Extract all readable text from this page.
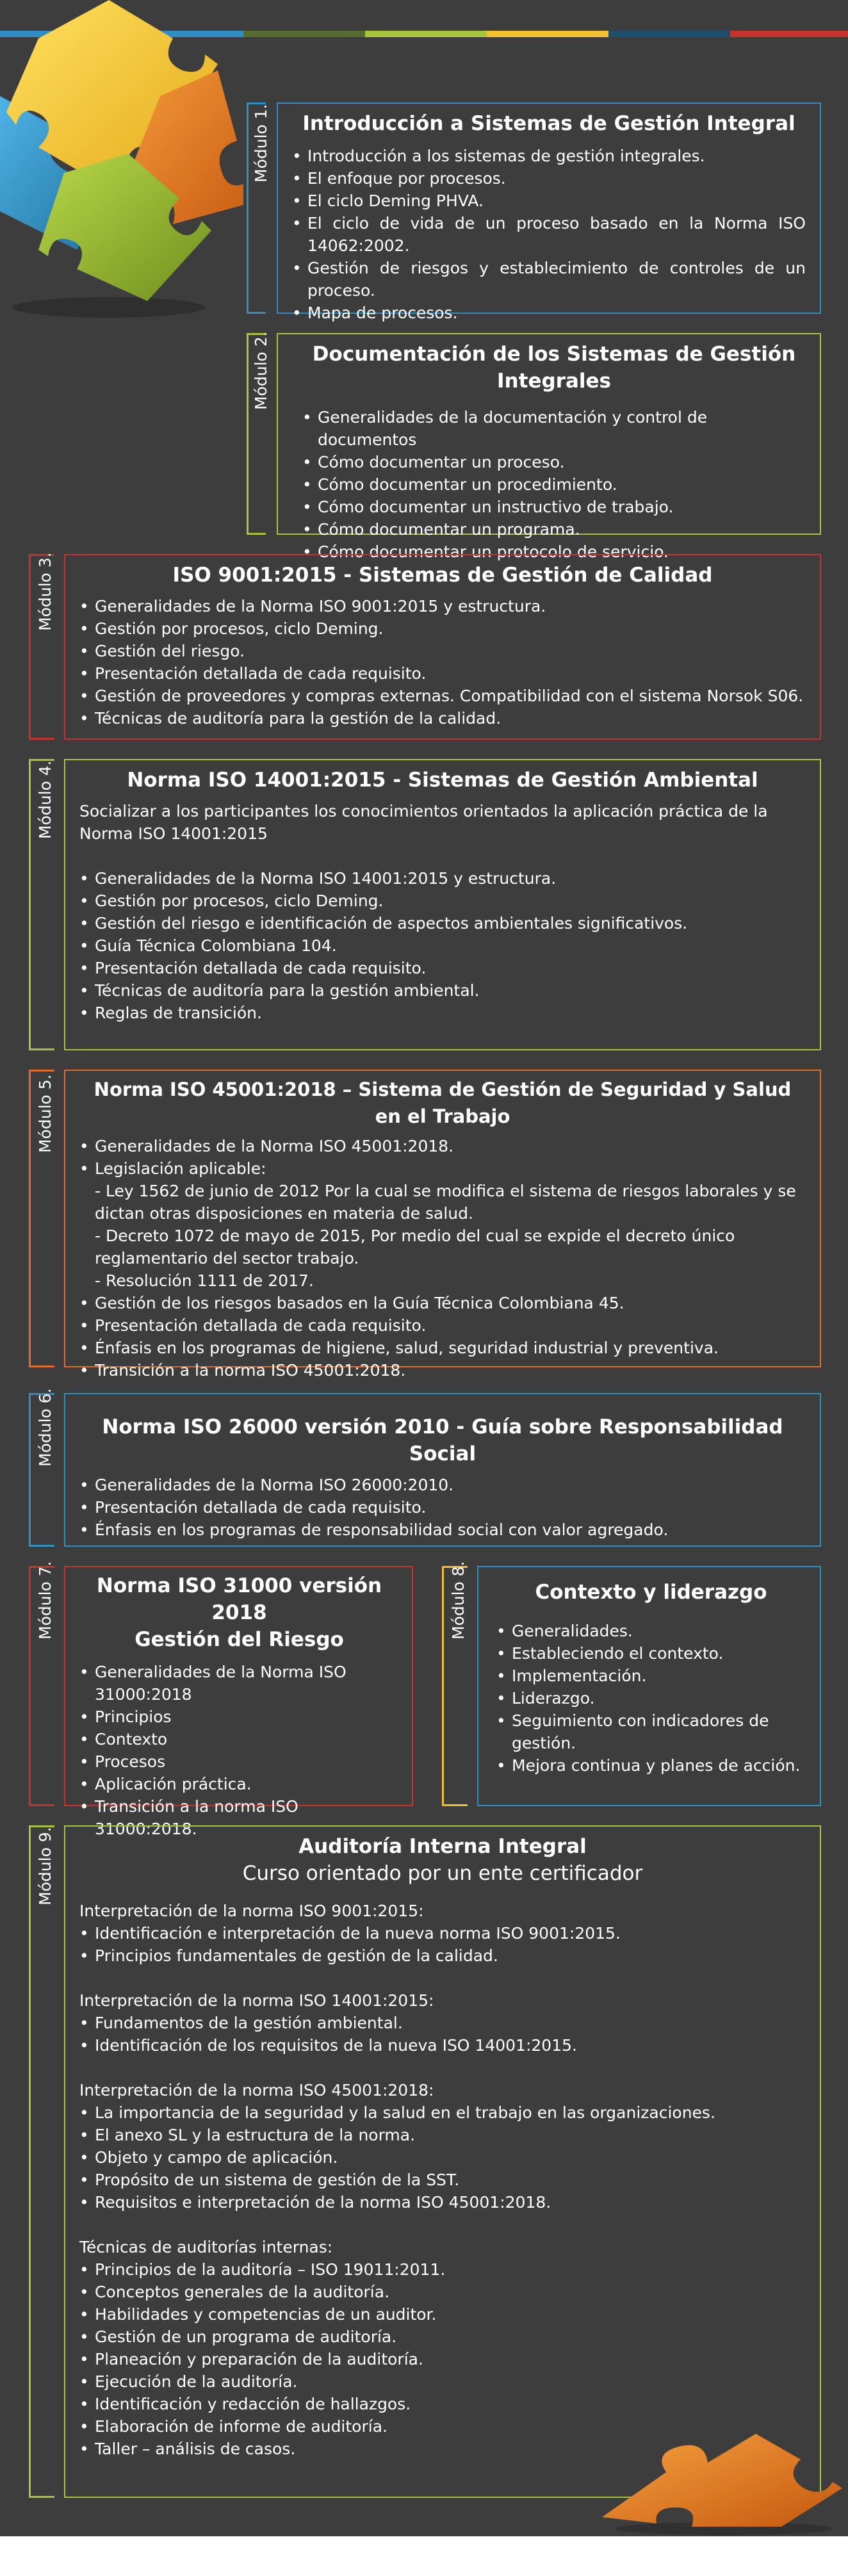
Módulo 1.	Introducción a Sistemas de Gestión Integral

• Introducción a los sistemas de gestión integrales.
• El enfoque por procesos.
• El ciclo Deming PHVA.
• El ciclo de vida de un proceso basado en la Norma ISO 14062:2002.
• Gestión de riesgos y establecimiento de controles de un proceso.
• Mapa de procesos.
Módulo 2.	Documentación de los Sistemas de Gestión Integrales

• Generalidades de la documentación y control de documentos
• Cómo documentar un proceso.
• Cómo documentar un procedimiento.
• Cómo documentar un instructivo de trabajo.
• Cómo documentar un programa.
• Cómo documentar un protocolo de servicio.
Módulo 3.	ISO 9001:2015 - Sistemas de Gestión de Calidad

• Generalidades de la Norma ISO 9001:2015 y estructura.
• Gestión por procesos, ciclo Deming.
• Gestión del riesgo.
• Presentación detallada de cada requisito.
• Gestión de proveedores y compras externas. Compatibilidad con el sistema Norsok S06.
• Técnicas de auditoría para la gestión de la calidad.
Módulo 4.	Norma ISO 14001:2015 - Sistemas de Gestión Ambiental

Socializar a los participantes los conocimientos orientados la aplicación práctica de la Norma ISO 14001:2015

• Generalidades de la Norma ISO 14001:2015 y estructura.
• Gestión por procesos, ciclo Deming.
• Gestión del riesgo e identificación de aspectos ambientales significativos.
• Guía Técnica Colombiana 104.
• Presentación detallada de cada requisito.
• Técnicas de auditoría para la gestión ambiental.
• Reglas de transición.
Módulo 5.	Norma ISO 45001:2018 – Sistema de Gestión de Seguridad y Salud en el Trabajo

• Generalidades de la Norma ISO 45001:2018.
• Legislación aplicable:
- Ley 1562 de junio de 2012 Por la cual se modifica el sistema de riesgos laborales y se dictan otras disposiciones en materia de salud.
- Decreto 1072 de mayo de 2015, Por medio del cual se expide el decreto único reglamentario del sector trabajo.
- Resolución 1111 de 2017.
• Gestión de los riesgos basados en la Guía Técnica Colombiana 45.
• Presentación detallada de cada requisito.
• Énfasis en los programas de higiene, salud, seguridad industrial y preventiva.
• Transición a la norma ISO 45001:2018.
Módulo 6.	Norma ISO 26000 versión 2010 - Guía sobre Responsabilidad Social

• Generalidades de la Norma ISO 26000:2010.
• Presentación detallada de cada requisito.
• Énfasis en los programas de responsabilidad social con valor agregado.
Módulo 7.	Norma ISO 31000 versión 2018

Gestión del Riesgo

• Generalidades de la Norma ISO 31000:2018
• Principios
• Contexto
• Procesos
• Aplicación práctica.
• Transición a la norma ISO 31000:2018.
Módulo 8.	Contexto y liderazgo

• Generalidades.
• Estableciendo el contexto.
• Implementación.
• Liderazgo.
• Seguimiento con indicadores de gestión.
• Mejora continua y planes de acción.
Módulo 9.	Auditoría Interna Integral

Curso orientado por un ente certificador

Interpretación de la norma ISO 9001:2015:
• Identificación e interpretación de la nueva norma ISO 9001:2015.
• Principios fundamentales de gestión de la calidad.
Interpretación de la norma ISO 14001:2015:
• Fundamentos de la gestión ambiental.
• Identificación de los requisitos de la nueva ISO 14001:2015.
Interpretación de la norma ISO 45001:2018:
• La importancia de la seguridad y la salud en el trabajo en las organizaciones.
• El anexo SL y la estructura de la norma.
• Objeto y campo de aplicación.
• Propósito de un sistema de gestión de la SST.
• Requisitos e interpretación de la norma ISO 45001:2018.
Técnicas de auditorías internas:
• Principios de la auditoría – ISO 19011:2011.
• Conceptos generales de la auditoría.
• Habilidades y competencias de un auditor.
• Gestión de un programa de auditoría.
• Planeación y preparación de la auditoría.
• Ejecución de la auditoría.
• Identificación y redacción de hallazgos.
• Elaboración de informe de auditoría.
• Taller – análisis de casos.
